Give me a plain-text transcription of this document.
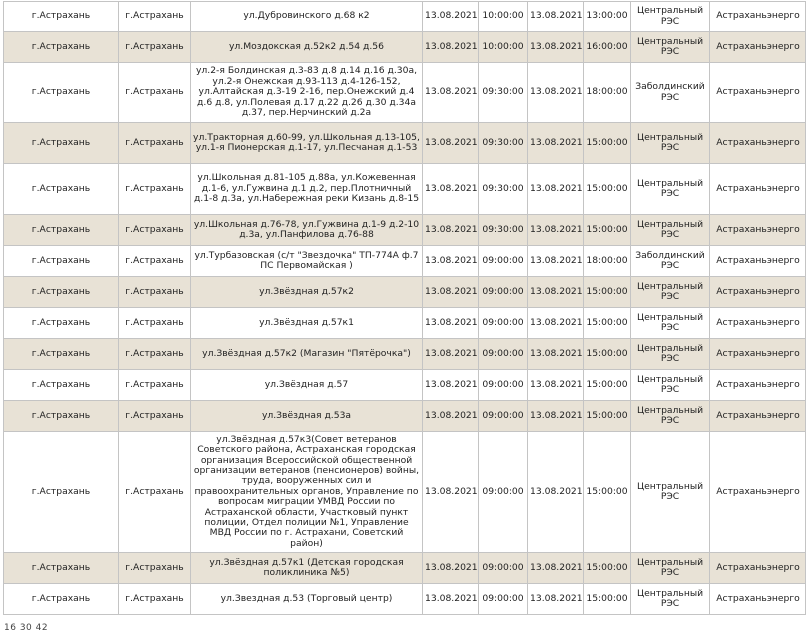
г.Астрахань	г.Астрахань	ул.Дубровинского д.68 к2	13.08.2021	10:00:00	13.08.2021	13:00:00	Центральный РЭС	Астраханьэнерго
г.Астрахань	г.Астрахань	ул.Моздокская д.52к2 д.54 д.56	13.08.2021	10:00:00	13.08.2021	16:00:00	Центральный РЭС	Астраханьэнерго
г.Астрахань	г.Астрахань	ул.2-я Болдинская д.3-83 д.8 д.14 д.16 д.30а, ул.2-я Онежская д.93-113 д.4-126-152, ул.Алтайская д.3-19 2-16, пер.Онежский д.4 д.6 д.8, ул.Полевая д.17 д.22 д.26 д.30 д.34а д.37, пер.Нерчинский д.2а	13.08.2021	09:30:00	13.08.2021	18:00:00	Заболдинский РЭС	Астраханьэнерго
г.Астрахань	г.Астрахань	ул.Тракторная д.60-99, ул.Школьная д.13-105, ул.1-я Пионерская д.1-17, ул.Песчаная д.1-53	13.08.2021	09:30:00	13.08.2021	15:00:00	Центральный РЭС	Астраханьэнерго
г.Астрахань	г.Астрахань	ул.Школьная д.81-105 д.88а, ул.Кожевенная д.1-6, ул.Гужвина д.1 д.2, пер.Плотничный д.1-8 д.3а, ул.Набережная реки Кизань д.8-15	13.08.2021	09:30:00	13.08.2021	15:00:00	Центральный РЭС	Астраханьэнерго
г.Астрахань	г.Астрахань	ул.Школьная д.76-78, ул.Гужвина д.1-9 д.2-10 д.3а, ул.Панфилова д.76-88	13.08.2021	09:30:00	13.08.2021	15:00:00	Центральный РЭС	Астраханьэнерго
г.Астрахань	г.Астрахань	ул.Турбазовская (с/т "Звездочка" ТП-774А ф.7 ПС Первомайская )	13.08.2021	09:00:00	13.08.2021	18:00:00	Заболдинский РЭС	Астраханьэнерго
г.Астрахань	г.Астрахань	ул.Звёздная д.57к2	13.08.2021	09:00:00	13.08.2021	15:00:00	Центральный РЭС	Астраханьэнерго
г.Астрахань	г.Астрахань	ул.Звёздная д.57к1	13.08.2021	09:00:00	13.08.2021	15:00:00	Центральный РЭС	Астраханьэнерго
г.Астрахань	г.Астрахань	ул.Звёздная д.57к2 (Магазин "Пятёрочка")	13.08.2021	09:00:00	13.08.2021	15:00:00	Центральный РЭС	Астраханьэнерго
г.Астрахань	г.Астрахань	ул.Звёздная д.57	13.08.2021	09:00:00	13.08.2021	15:00:00	Центральный РЭС	Астраханьэнерго
г.Астрахань	г.Астрахань	ул.Звёздная д.53а	13.08.2021	09:00:00	13.08.2021	15:00:00	Центральный РЭС	Астраханьэнерго
г.Астрахань	г.Астрахань	ул.Звёздная д.57к3(Совет ветеранов Советского района, Астраханская городская организация Всероссийской общественной организации ветеранов (пенсионеров) войны, труда, вооруженных сил и правоохранительных органов, Управление по вопросам миграции УМВД России по Астраханской области, Участковый пункт полиции, Отдел полиции №1, Управление МВД России по г. Астрахани, Советский район)	13.08.2021	09:00:00	13.08.2021	15:00:00	Центральный РЭС	Астраханьэнерго
г.Астрахань	г.Астрахань	ул.Звёздная д.57к1 (Детская городская поликлиника №5)	13.08.2021	09:00:00	13.08.2021	15:00:00	Центральный РЭС	Астраханьэнерго
г.Астрахань	г.Астрахань	ул.Звездная д.53 (Торговый центр)	13.08.2021	09:00:00	13.08.2021	15:00:00	Центральный РЭС	Астраханьэнерго
16 30 42
